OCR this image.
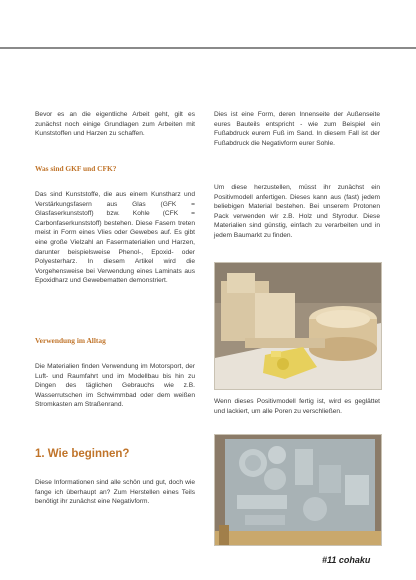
Bevor es an die eigentliche Arbeit geht, gilt es zunächst noch einige Grundlagen zum Arbeiten mit Kunststoffen und Harzen zu schaffen.

Was sind GKF und CFK?

Das sind Kunststoffe, die aus einem Kunstharz und Verstärkungsfasern aus Glas (GFK = Glasfaserkunststoff) bzw. Kohle (CFK = Carbonfaserkunststoff) bestehen. Diese Fasern treten meist in Form eines Vlies oder Gewebes auf. Es gibt eine große Vielzahl an Fasermaterialien und Harzen, darunter beispielsweise Phenol-, Epoxid- oder Polyesterharz. In diesem Artikel wird die Vorgehensweise bei Verwendung eines Laminats aus Epoxidharz und Gewebematten demonstriert.

Verwendung im Alltag

Die Materialien finden Verwendung im Motorsport, der Luft- und Raumfahrt und im Modellbau bis hin zu Dingen des täglichen Gebrauchs wie z.B. Wasserrutschen im Schwimmbad oder dem weißen Stromkasten am Straßenrand.

1. Wie beginnen?

Diese Informationen sind alle schön und gut, doch wie fange ich überhaupt an? Zum Herstellen eines Teils benötigt ihr zunächst eine Negativform.

Dies ist eine Form, deren Innenseite der Außenseite eures Bauteils entspricht - wie zum Beispiel ein Fußabdruck eurem Fuß im Sand. In diesem Fall ist der Fußabdruck die Negativform eurer Sohle.

Um diese herzustellen, müsst ihr zunächst ein Positivmodell anfertigen. Dieses kann aus (fast) jedem beliebigen Material bestehen. Bei unserem Protonen Pack verwenden wir z.B. Holz und Styrodur. Diese Materialien sind günstig, einfach zu verarbeiten und in jedem Baumarkt zu finden.

Wenn dieses Positivmodell fertig ist, wird es geglättet und lackiert, um alle Poren zu verschließen.

#11 cohaku
